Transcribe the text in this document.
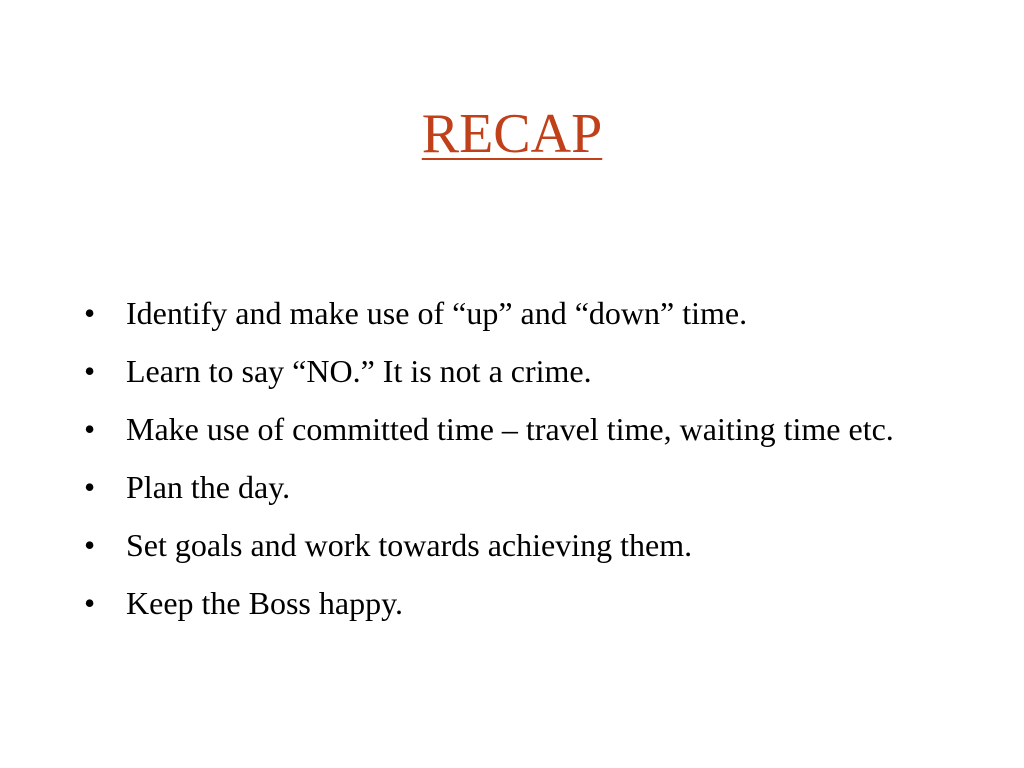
RECAP
• Identify and make use of “up” and “down” time.
• Learn to say “NO.” It is not a crime.
• Make use of committed time – travel time, waiting time etc.
• Plan the day.
• Set goals and work towards achieving them.
• Keep the Boss happy.
